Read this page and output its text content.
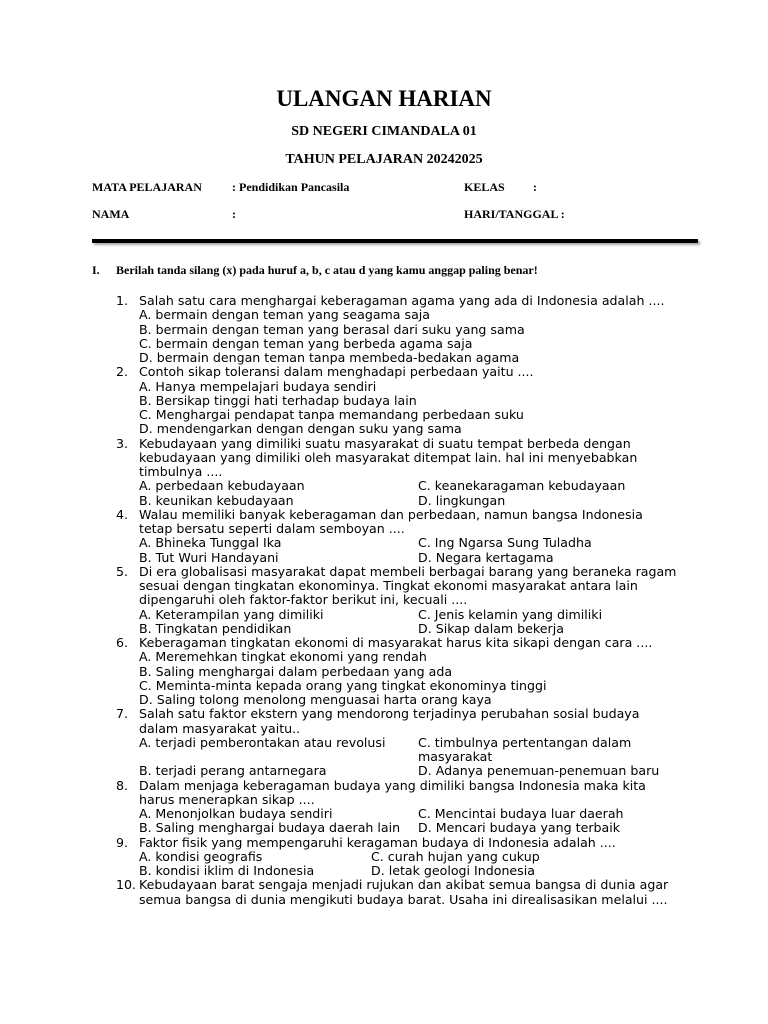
ULANGAN HARIAN
SD NEGERI CIMANDALA 01
TAHUN PELAJARAN 20242025
MATA PELAJARAN	: Pendidikan Pancasila	KELAS :
NAMA	:	HARI/TANGGAL :
I. Berilah tanda silang (x) pada huruf a, b, c atau d yang kamu anggap paling benar!
1. Salah satu cara menghargai keberagaman agama yang ada di Indonesia adalah ....
A. bermain dengan teman yang seagama saja
B. bermain dengan teman yang berasal dari suku yang sama
C. bermain dengan teman yang berbeda agama saja
D. bermain dengan teman tanpa membeda-bedakan agama
2. Contoh sikap toleransi dalam menghadapi perbedaan yaitu ....
A. Hanya mempelajari budaya sendiri
B. Bersikap tinggi hati terhadap budaya lain
C. Menghargai pendapat tanpa memandang perbedaan suku
D. mendengarkan dengan dengan suku yang sama
3. Kebudayaan yang dimiliki suatu masyarakat di suatu tempat berbeda dengan kebudayaan yang dimiliki oleh masyarakat ditempat lain. hal ini menyebabkan timbulnya ....
A. perbedaan kebudayaan	C. keanekaragaman kebudayaan
B. keunikan kebudayaan	D. lingkungan
4. Walau memiliki banyak keberagaman dan perbedaan, namun bangsa Indonesia tetap bersatu seperti dalam semboyan ....
A. Bhineka Tunggal Ika	C. Ing Ngarsa Sung Tuladha
B. Tut Wuri Handayani	D. Negara kertagama
5. Di era globalisasi masyarakat dapat membeli berbagai barang yang beraneka ragam sesuai dengan tingkatan ekonominya. Tingkat ekonomi masyarakat antara lain dipengaruhi oleh faktor-faktor berikut ini, kecuali ....
A. Keterampilan yang dimiliki	C. Jenis kelamin yang dimiliki
B. Tingkatan pendidikan	D. Sikap dalam bekerja
6. Keberagaman tingkatan ekonomi di masyarakat harus kita sikapi dengan cara ....
A. Meremehkan tingkat ekonomi yang rendah
B. Saling menghargai dalam perbedaan yang ada
C. Meminta-minta kepada orang yang tingkat ekonominya tinggi
D. Saling tolong menolong menguasai harta orang kaya
7. Salah satu faktor ekstern yang mendorong terjadinya perubahan sosial budaya dalam masyarakat yaitu..
A. terjadi pemberontakan atau revolusi	C. timbulnya pertentangan dalam masyarakat
B. terjadi perang antarnegara	D. Adanya penemuan-penemuan baru
8. Dalam menjaga keberagaman budaya yang dimiliki bangsa Indonesia maka kita harus menerapkan sikap ....
A. Menonjolkan budaya sendiri	C. Mencintai budaya luar daerah
B. Saling menghargai budaya daerah lain	D. Mencari budaya yang terbaik
9. Faktor fisik yang mempengaruhi keragaman budaya di Indonesia adalah ....
A. kondisi geografis	C. curah hujan yang cukup
B. kondisi iklim di Indonesia	D. letak geologi Indonesia
10. Kebudayaan barat sengaja menjadi rujukan dan akibat semua bangsa di dunia agar semua bangsa di dunia mengikuti budaya barat. Usaha ini direalisasikan melalui ....
